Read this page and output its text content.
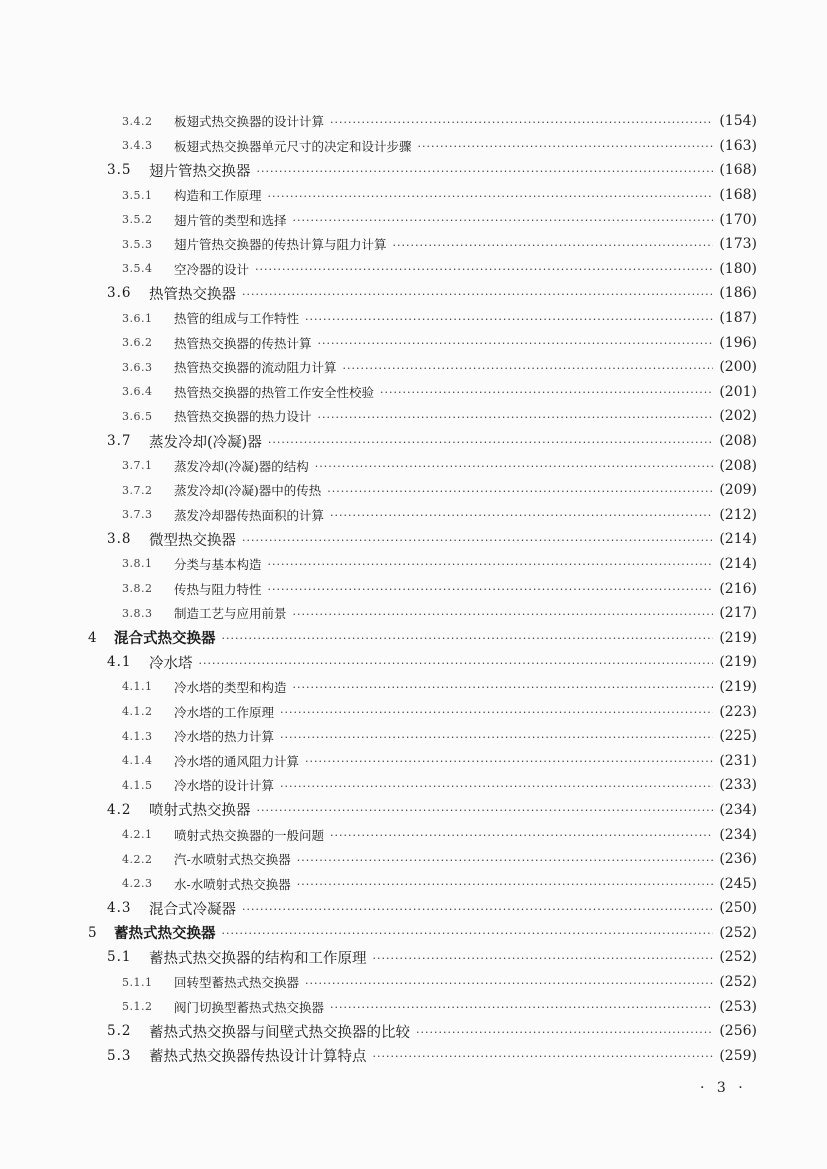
3.4.2	板翅式热交换器的设计计算 ·····	(154)
3.4.3	板翅式热交换器单元尺寸的决定和设计步骤 ·····	(163)
3.5	翅片管热交换器 ·····	(168)
3.5.1	构造和工作原理 ·····	(168)
3.5.2	翅片管的类型和选择 ·····	(170)
3.5.3	翅片管热交换器的传热计算与阻力计算 ·····	(173)
3.5.4	空冷器的设计 ·····	(180)
3.6	热管热交换器 ·····	(186)
3.6.1	热管的组成与工作特性 ·····	(187)
3.6.2	热管热交换器的传热计算 ·····	(196)
3.6.3	热管热交换器的流动阻力计算 ·····	(200)
3.6.4	热管热交换器的热管工作安全性校验 ·····	(201)
3.6.5	热管热交换器的热力设计 ·····	(202)
3.7	蒸发冷却(冷凝)器 ·····	(208)
3.7.1	蒸发冷却(冷凝)器的结构 ·····	(208)
3.7.2	蒸发冷却(冷凝)器中的传热 ·····	(209)
3.7.3	蒸发冷却器传热面积的计算 ·····	(212)
3.8	微型热交换器 ·····	(214)
3.8.1	分类与基本构造 ·····	(214)
3.8.2	传热与阻力特性 ·····	(216)
3.8.3	制造工艺与应用前景 ·····	(217)
4	混合式热交换器 ·····	(219)
4.1	冷水塔 ·····	(219)
4.1.1	冷水塔的类型和构造 ·····	(219)
4.1.2	冷水塔的工作原理 ·····	(223)
4.1.3	冷水塔的热力计算 ·····	(225)
4.1.4	冷水塔的通风阻力计算 ·····	(231)
4.1.5	冷水塔的设计计算 ·····	(233)
4.2	喷射式热交换器 ·····	(234)
4.2.1	喷射式热交换器的一般问题 ·····	(234)
4.2.2	汽-水喷射式热交换器 ·····	(236)
4.2.3	水-水喷射式热交换器 ·····	(245)
4.3	混合式冷凝器 ·····	(250)
5	蓄热式热交换器 ·····	(252)
5.1	蓄热式热交换器的结构和工作原理 ·····	(252)
5.1.1	回转型蓄热式热交换器 ·····	(252)
5.1.2	阀门切换型蓄热式热交换器 ·····	(253)
5.2	蓄热式热交换器与间壁式热交换器的比较 ·····	(256)
5.3	蓄热式热交换器传热设计计算特点 ·····	(259)
· 3 ·
